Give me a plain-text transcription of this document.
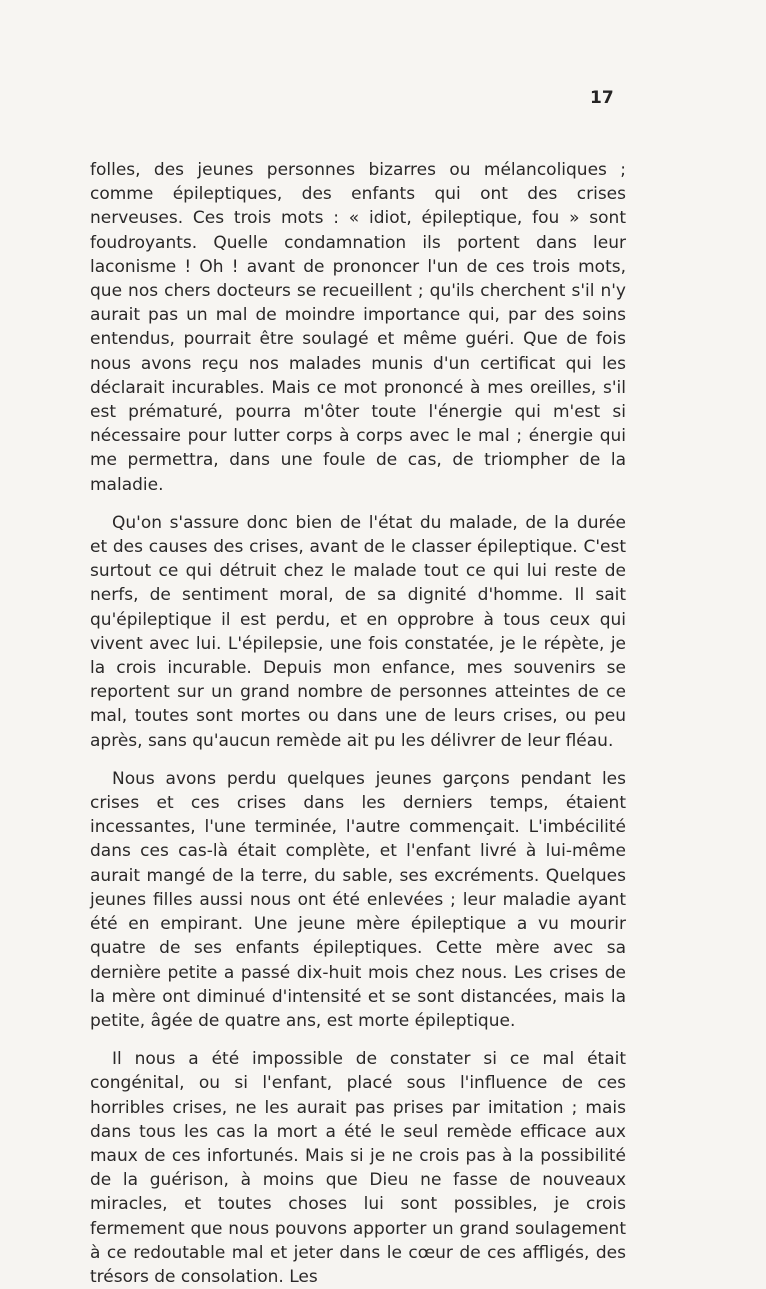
17

folles, des jeunes personnes bizarres ou mélancoliques ; comme épileptiques, des enfants qui ont des crises nerveuses. Ces trois mots : « idiot, épileptique, fou » sont foudroyants. Quelle condamnation ils portent dans leur laconisme ! Oh ! avant de prononcer l'un de ces trois mots, que nos chers docteurs se recueillent ; qu'ils cherchent s'il n'y aurait pas un mal de moindre importance qui, par des soins entendus, pourrait être soulagé et même guéri. Que de fois nous avons reçu nos malades munis d'un certificat qui les déclarait incurables. Mais ce mot prononcé à mes oreilles, s'il est prématuré, pourra m'ôter toute l'énergie qui m'est si nécessaire pour lutter corps à corps avec le mal ; énergie qui me permettra, dans une foule de cas, de triompher de la maladie.

Qu'on s'assure donc bien de l'état du malade, de la durée et des causes des crises, avant de le classer épileptique. C'est surtout ce qui détruit chez le malade tout ce qui lui reste de nerfs, de sentiment moral, de sa dignité d'homme. Il sait qu'épileptique il est perdu, et en opprobre à tous ceux qui vivent avec lui. L'épilepsie, une fois constatée, je le répète, je la crois incurable. Depuis mon enfance, mes souvenirs se reportent sur un grand nombre de personnes atteintes de ce mal, toutes sont mortes ou dans une de leurs crises, ou peu après, sans qu'aucun remède ait pu les délivrer de leur fléau.

Nous avons perdu quelques jeunes garçons pendant les crises et ces crises dans les derniers temps, étaient incessantes, l'une terminée, l'autre commençait. L'imbécilité dans ces cas-là était complète, et l'enfant livré à lui-même aurait mangé de la terre, du sable, ses excréments. Quelques jeunes filles aussi nous ont été enlevées ; leur maladie ayant été en empirant. Une jeune mère épileptique a vu mourir quatre de ses enfants épileptiques. Cette mère avec sa dernière petite a passé dix-huit mois chez nous. Les crises de la mère ont diminué d'intensité et se sont distancées, mais la petite, âgée de quatre ans, est morte épileptique.

Il nous a été impossible de constater si ce mal était congénital, ou si l'enfant, placé sous l'influence de ces horribles crises, ne les aurait pas prises par imitation ; mais dans tous les cas la mort a été le seul remède efficace aux maux de ces infortunés. Mais si je ne crois pas à la possibilité de la guérison, à moins que Dieu ne fasse de nouveaux miracles, et toutes choses lui sont possibles, je crois fermement que nous pouvons apporter un grand soulagement à ce redoutable mal et jeter dans le cœur de ces affligés, des trésors de consolation. Les
